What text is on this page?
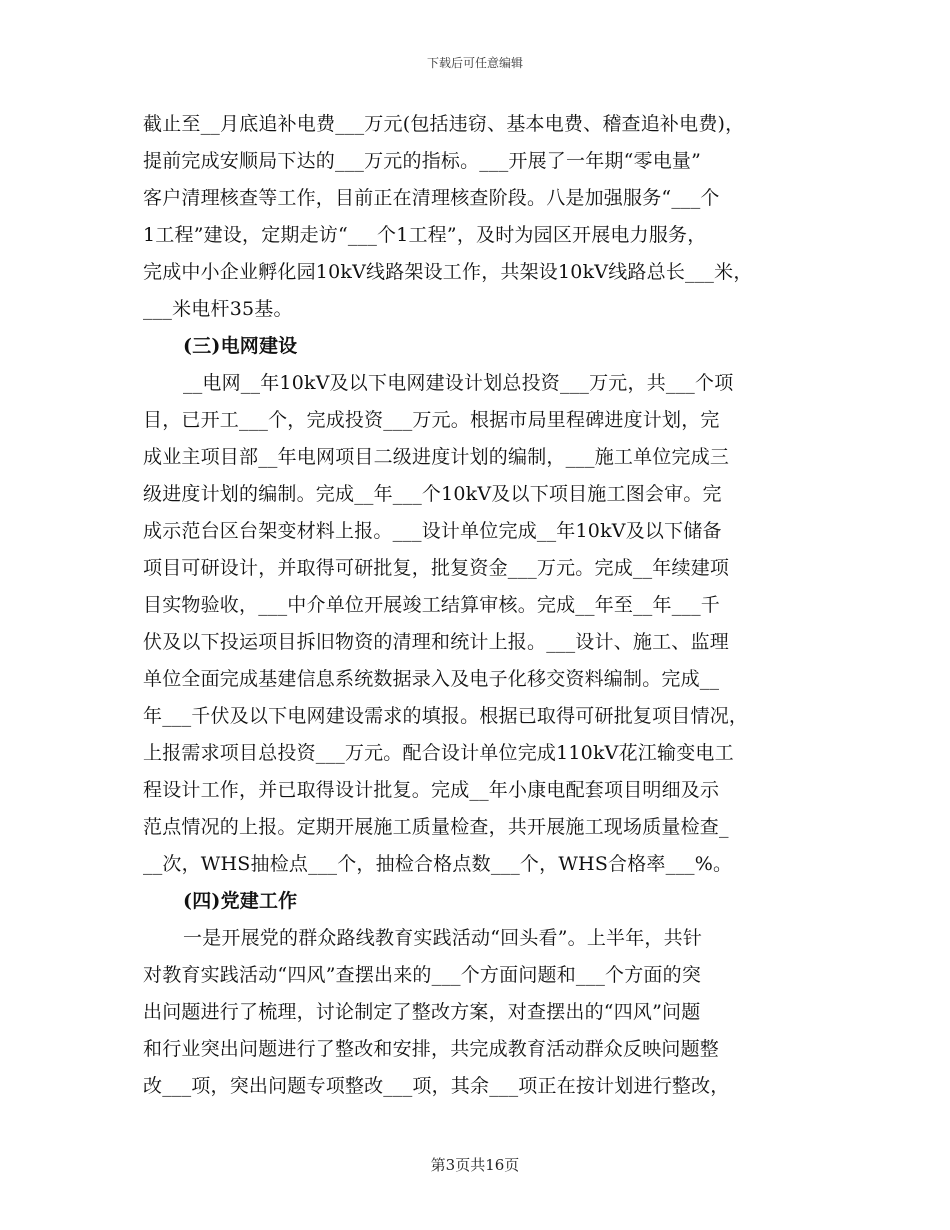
下载后可任意编辑
截止至__月底追补电费___万元(包括违窃、基本电费、稽查追补电费)，
提前完成安顺局下达的___万元的指标。___开展了一年期“零电量”
客户清理核查等工作，目前正在清理核查阶段。八是加强服务“___个
1工程”建设，定期走访“___个1工程”，及时为园区开展电力服务，
完成中小企业孵化园10kV线路架设工作，共架设10kV线路总长___米，
___米电杆35基。
(三)电网建设
__电网__年10kV及以下电网建设计划总投资___万元，共___个项
目，已开工___个，完成投资___万元。根据市局里程碑进度计划，完
成业主项目部__年电网项目二级进度计划的编制，___施工单位完成三
级进度计划的编制。完成__年___个10kV及以下项目施工图会审。完
成示范台区台架变材料上报。___设计单位完成__年10kV及以下储备
项目可研设计，并取得可研批复，批复资金___万元。完成__年续建项
目实物验收，___中介单位开展竣工结算审核。完成__年至__年___千
伏及以下投运项目拆旧物资的清理和统计上报。___设计、施工、监理
单位全面完成基建信息系统数据录入及电子化移交资料编制。完成__
年___千伏及以下电网建设需求的填报。根据已取得可研批复项目情况，
上报需求项目总投资___万元。配合设计单位完成110kV花江输变电工
程设计工作，并已取得设计批复。完成__年小康电配套项目明细及示
范点情况的上报。定期开展施工质量检查，共开展施工现场质量检查_
__次，WHS抽检点___个，抽检合格点数___个，WHS合格率___%。
(四)党建工作
一是开展党的群众路线教育实践活动“回头看”。上半年，共针
对教育实践活动“四风”查摆出来的___个方面问题和___个方面的突
出问题进行了梳理，讨论制定了整改方案，对查摆出的“四风”问题
和行业突出问题进行了整改和安排，共完成教育活动群众反映问题整
改___项，突出问题专项整改___项，其余___项正在按计划进行整改，
第3页共16页
